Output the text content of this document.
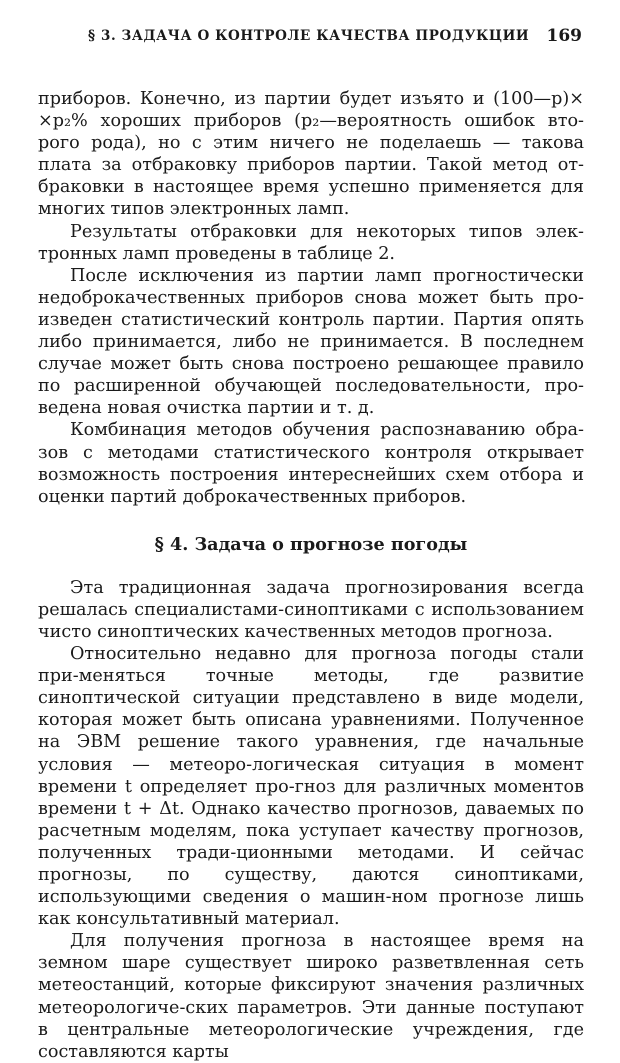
§ 3. ЗАДАЧА О КОНТРОЛЕ КАЧЕСТВА ПРОДУКЦИИ 169

приборов. Конечно, из партии будет изъято и (100—p)× ×p₂% хороших приборов (p₂—вероятность ошибок вто-рого рода), но с этим ничего не поделаешь — такова плата за отбраковку приборов партии. Такой метод от-браковки в настоящее время успешно применяется для многих типов электронных ламп.

Результаты отбраковки для некоторых типов элек-тронных ламп проведены в таблице 2.

После исключения из партии ламп прогностически недоброкачественных приборов снова может быть про-изведен статистический контроль партии. Партия опять либо принимается, либо не принимается. В последнем случае может быть снова построено решающее правило по расширенной обучающей последовательности, про-ведена новая очистка партии и т. д.

Комбинация методов обучения распознаванию обра-зов с методами статистического контроля открывает возможность построения интереснейших схем отбора и оценки партий доброкачественных приборов.

§ 4. Задача о прогнозе погоды

Эта традиционная задача прогнозирования всегда решалась специалистами-синоптиками с использованием чисто синоптических качественных методов прогноза.

Относительно недавно для прогноза погоды стали при-меняться точные методы, где развитие синоптической ситуации представлено в виде модели, которая может быть описана уравнениями. Полученное на ЭВМ решение такого уравнения, где начальные условия — метеоро-логическая ситуация в момент времени t определяет про-гноз для различных моментов времени t + Δt. Однако качество прогнозов, даваемых по расчетным моделям, пока уступает качеству прогнозов, полученных тради-ционными методами. И сейчас прогнозы, по существу, даются синоптиками, использующими сведения о машин-ном прогнозе лишь как консультативный материал.

Для получения прогноза в настоящее время на земном шаре существует широко разветвленная сеть метеостанций, которые фиксируют значения различных метеорологиче-ских параметров. Эти данные поступают в центральные метеорологические учреждения, где составляются карты
